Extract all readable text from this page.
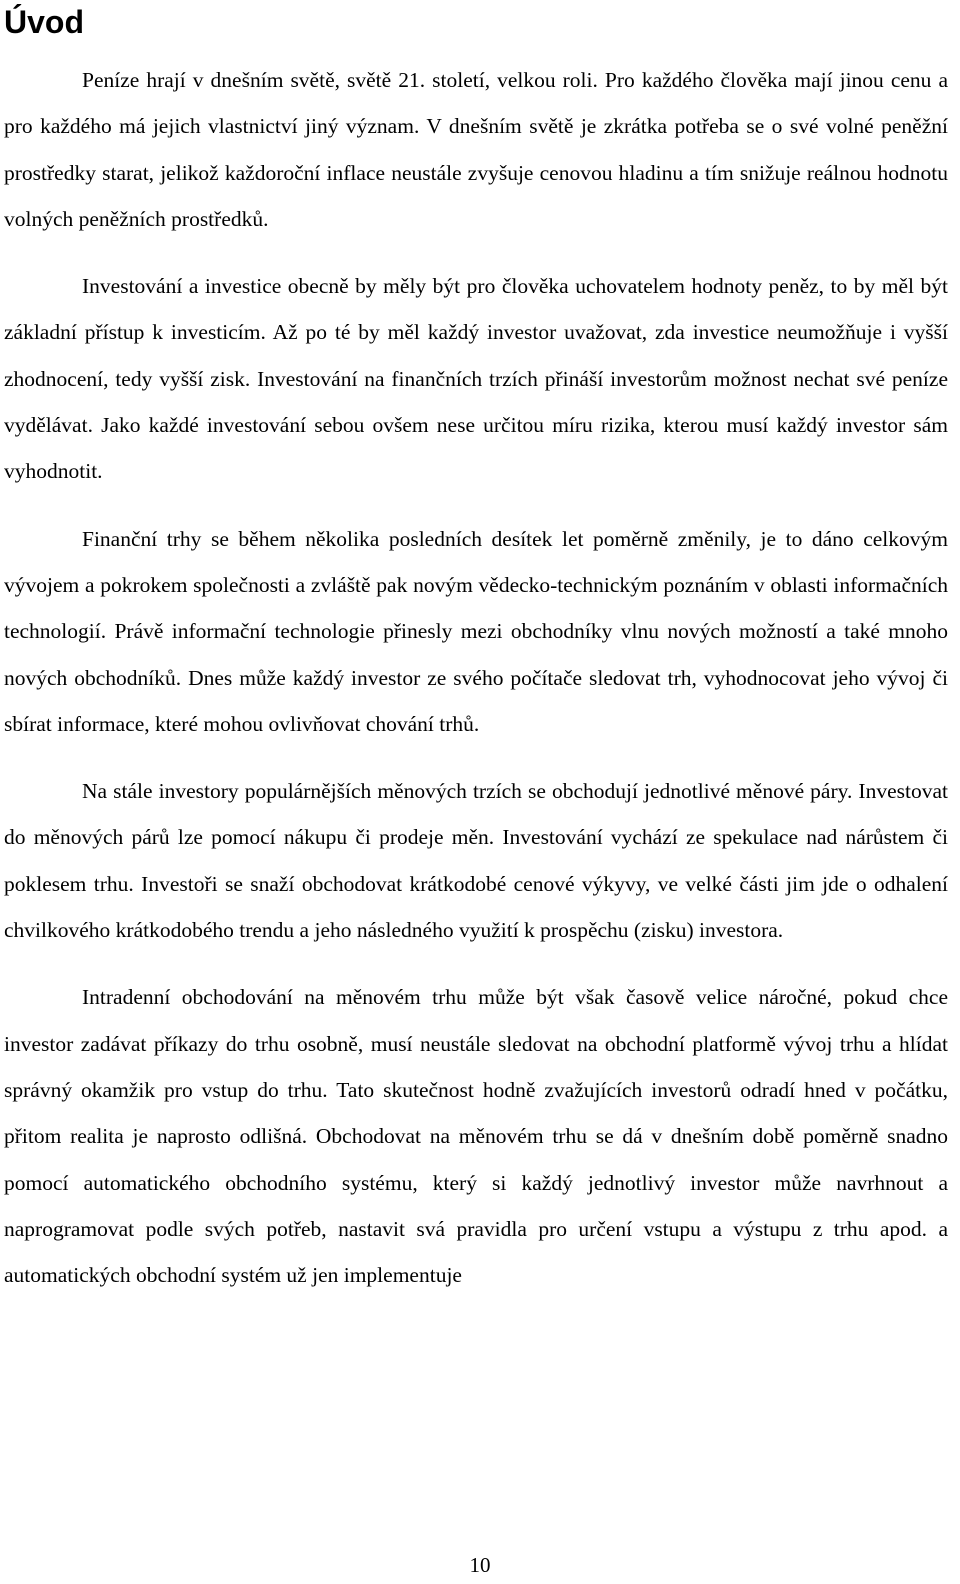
Úvod

Peníze hrají v dnešním světě, světě 21. století, velkou roli. Pro každého člověka mají jinou cenu a pro každého má jejich vlastnictví jiný význam. V dnešním světě je zkrátka potřeba se o své volné peněžní prostředky starat, jelikož každoroční inflace neustále zvyšuje cenovou hladinu a tím snižuje reálnou hodnotu volných peněžních prostředků.

Investování a investice obecně by měly být pro člověka uchovatelem hodnoty peněz, to by měl být základní přístup k investicím. Až po té by měl každý investor uvažovat, zda investice neumožňuje i vyšší zhodnocení, tedy vyšší zisk. Investování na finančních trzích přináší investorům možnost nechat své peníze vydělávat. Jako každé investování sebou ovšem nese určitou míru rizika, kterou musí každý investor sám vyhodnotit.

Finanční trhy se během několika posledních desítek let poměrně změnily, je to dáno celkovým vývojem a pokrokem společnosti a zvláště pak novým vědecko-technickým poznáním v oblasti informačních technologií. Právě informační technologie přinesly mezi obchodníky vlnu nových možností a také mnoho nových obchodníků. Dnes může každý investor ze svého počítače sledovat trh, vyhodnocovat jeho vývoj či sbírat informace, které mohou ovlivňovat chování trhů.

Na stále investory populárnějších měnových trzích se obchodují jednotlivé měnové páry. Investovat do měnových párů lze pomocí nákupu či prodeje měn. Investování vychází ze spekulace nad nárůstem či poklesem trhu. Investoři se snaží obchodovat krátkodobé cenové výkyvy, ve velké části jim jde o odhalení chvilkového krátkodobého trendu a jeho následného využití k prospěchu (zisku) investora.

Intradenní obchodování na měnovém trhu může být však časově velice náročné, pokud chce investor zadávat příkazy do trhu osobně, musí neustále sledovat na obchodní platformě vývoj trhu a hlídat správný okamžik pro vstup do trhu. Tato skutečnost hodně zvažujících investorů odradí hned v počátku, přitom realita je naprosto odlišná. Obchodovat na měnovém trhu se dá v dnešním době poměrně snadno pomocí automatického obchodního systému, který si každý jednotlivý investor může navrhnout a naprogramovat podle svých potřeb, nastavit svá pravidla pro určení vstupu a výstupu z trhu apod. a automatických obchodní systém už jen implementuje

10
